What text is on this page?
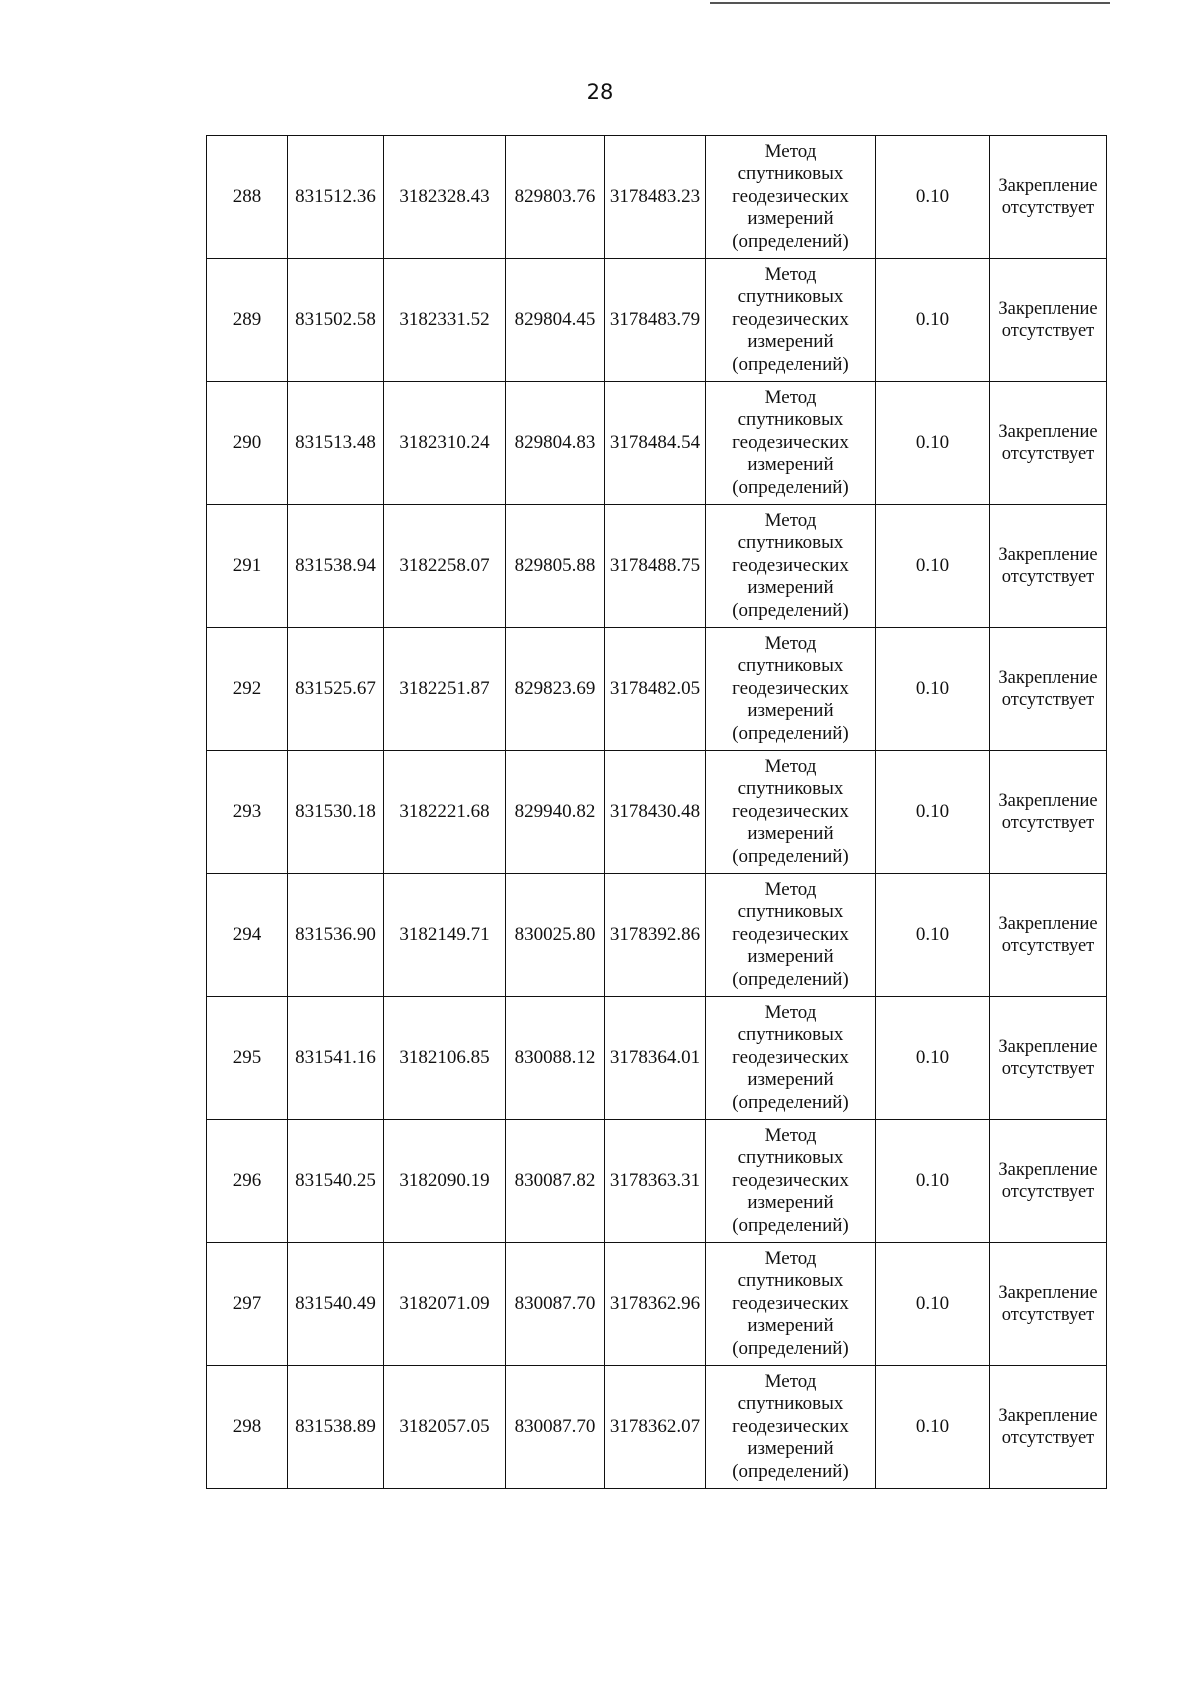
28
288	831512.36	3182328.43	829803.76	3178483.23	Метод
спутниковых
геодезических
измерений
(определений)	0.10	Закрепление
отсутствует

289	831502.58	3182331.52	829804.45	3178483.79	Метод
спутниковых
геодезических
измерений
(определений)	0.10	Закрепление
отсутствует

290	831513.48	3182310.24	829804.83	3178484.54	Метод
спутниковых
геодезических
измерений
(определений)	0.10	Закрепление
отсутствует

291	831538.94	3182258.07	829805.88	3178488.75	Метод
спутниковых
геодезических
измерений
(определений)	0.10	Закрепление
отсутствует

292	831525.67	3182251.87	829823.69	3178482.05	Метод
спутниковых
геодезических
измерений
(определений)	0.10	Закрепление
отсутствует

293	831530.18	3182221.68	829940.82	3178430.48	Метод
спутниковых
геодезических
измерений
(определений)	0.10	Закрепление
отсутствует

294	831536.90	3182149.71	830025.80	3178392.86	Метод
спутниковых
геодезических
измерений
(определений)	0.10	Закрепление
отсутствует

295	831541.16	3182106.85	830088.12	3178364.01	Метод
спутниковых
геодезических
измерений
(определений)	0.10	Закрепление
отсутствует

296	831540.25	3182090.19	830087.82	3178363.31	Метод
спутниковых
геодезических
измерений
(определений)	0.10	Закрепление
отсутствует

297	831540.49	3182071.09	830087.70	3178362.96	Метод
спутниковых
геодезических
измерений
(определений)	0.10	Закрепление
отсутствует

298	831538.89	3182057.05	830087.70	3178362.07	Метод
спутниковых
геодезических
измерений
(определений)	0.10	Закрепление
отсутствует
